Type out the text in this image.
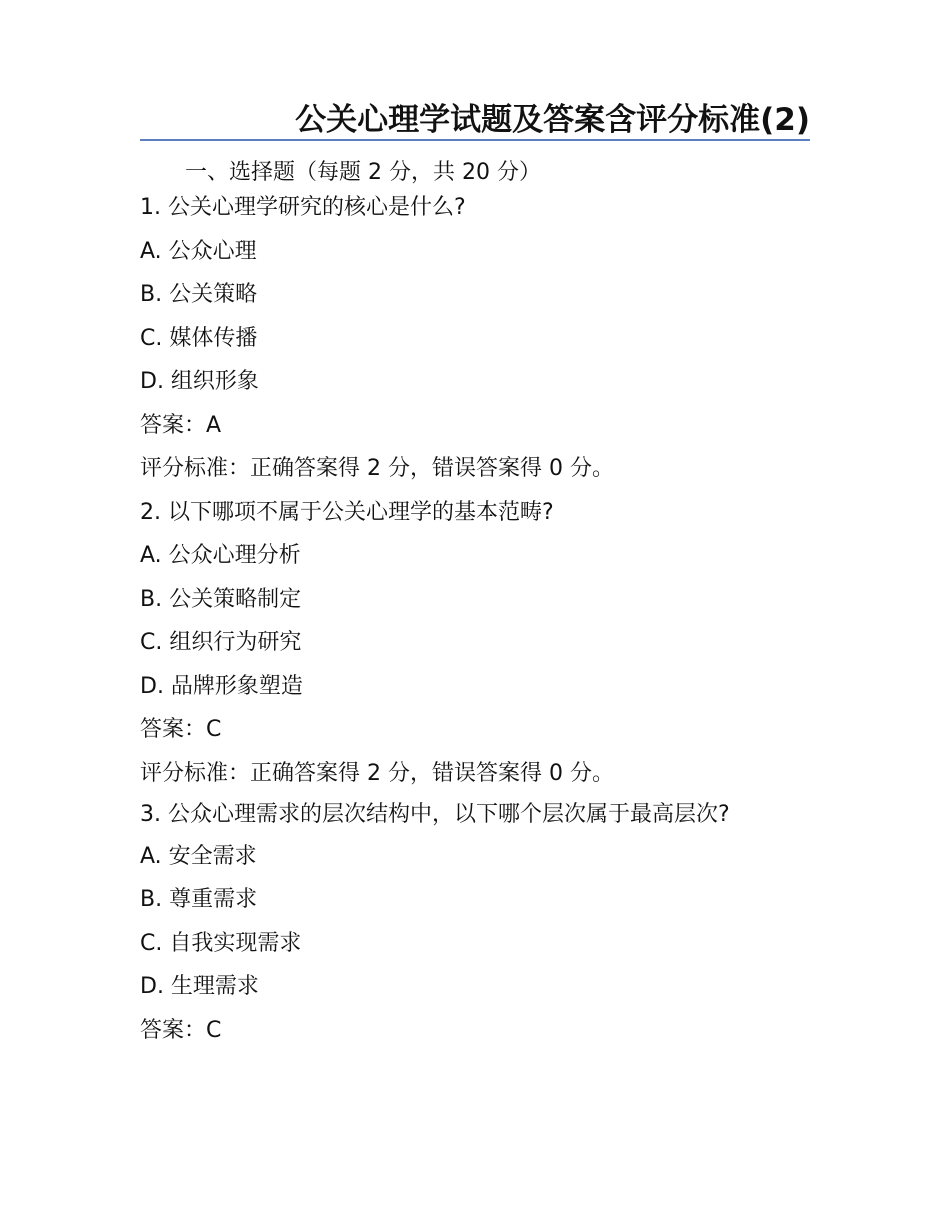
公关心理学试题及答案含评分标准(2)
一、选择题（每题 2 分，共 20 分）
1. 公关心理学研究的核心是什么?
A. 公众心理
B. 公关策略
C. 媒体传播
D. 组织形象
答案：A
评分标准：正确答案得 2 分，错误答案得 0 分。
2. 以下哪项不属于公关心理学的基本范畴?
A. 公众心理分析
B. 公关策略制定
C. 组织行为研究
D. 品牌形象塑造
答案：C
评分标准：正确答案得 2 分，错误答案得 0 分。
3. 公众心理需求的层次结构中，以下哪个层次属于最高层次?
A. 安全需求
B. 尊重需求
C. 自我实现需求
D. 生理需求
答案：C
